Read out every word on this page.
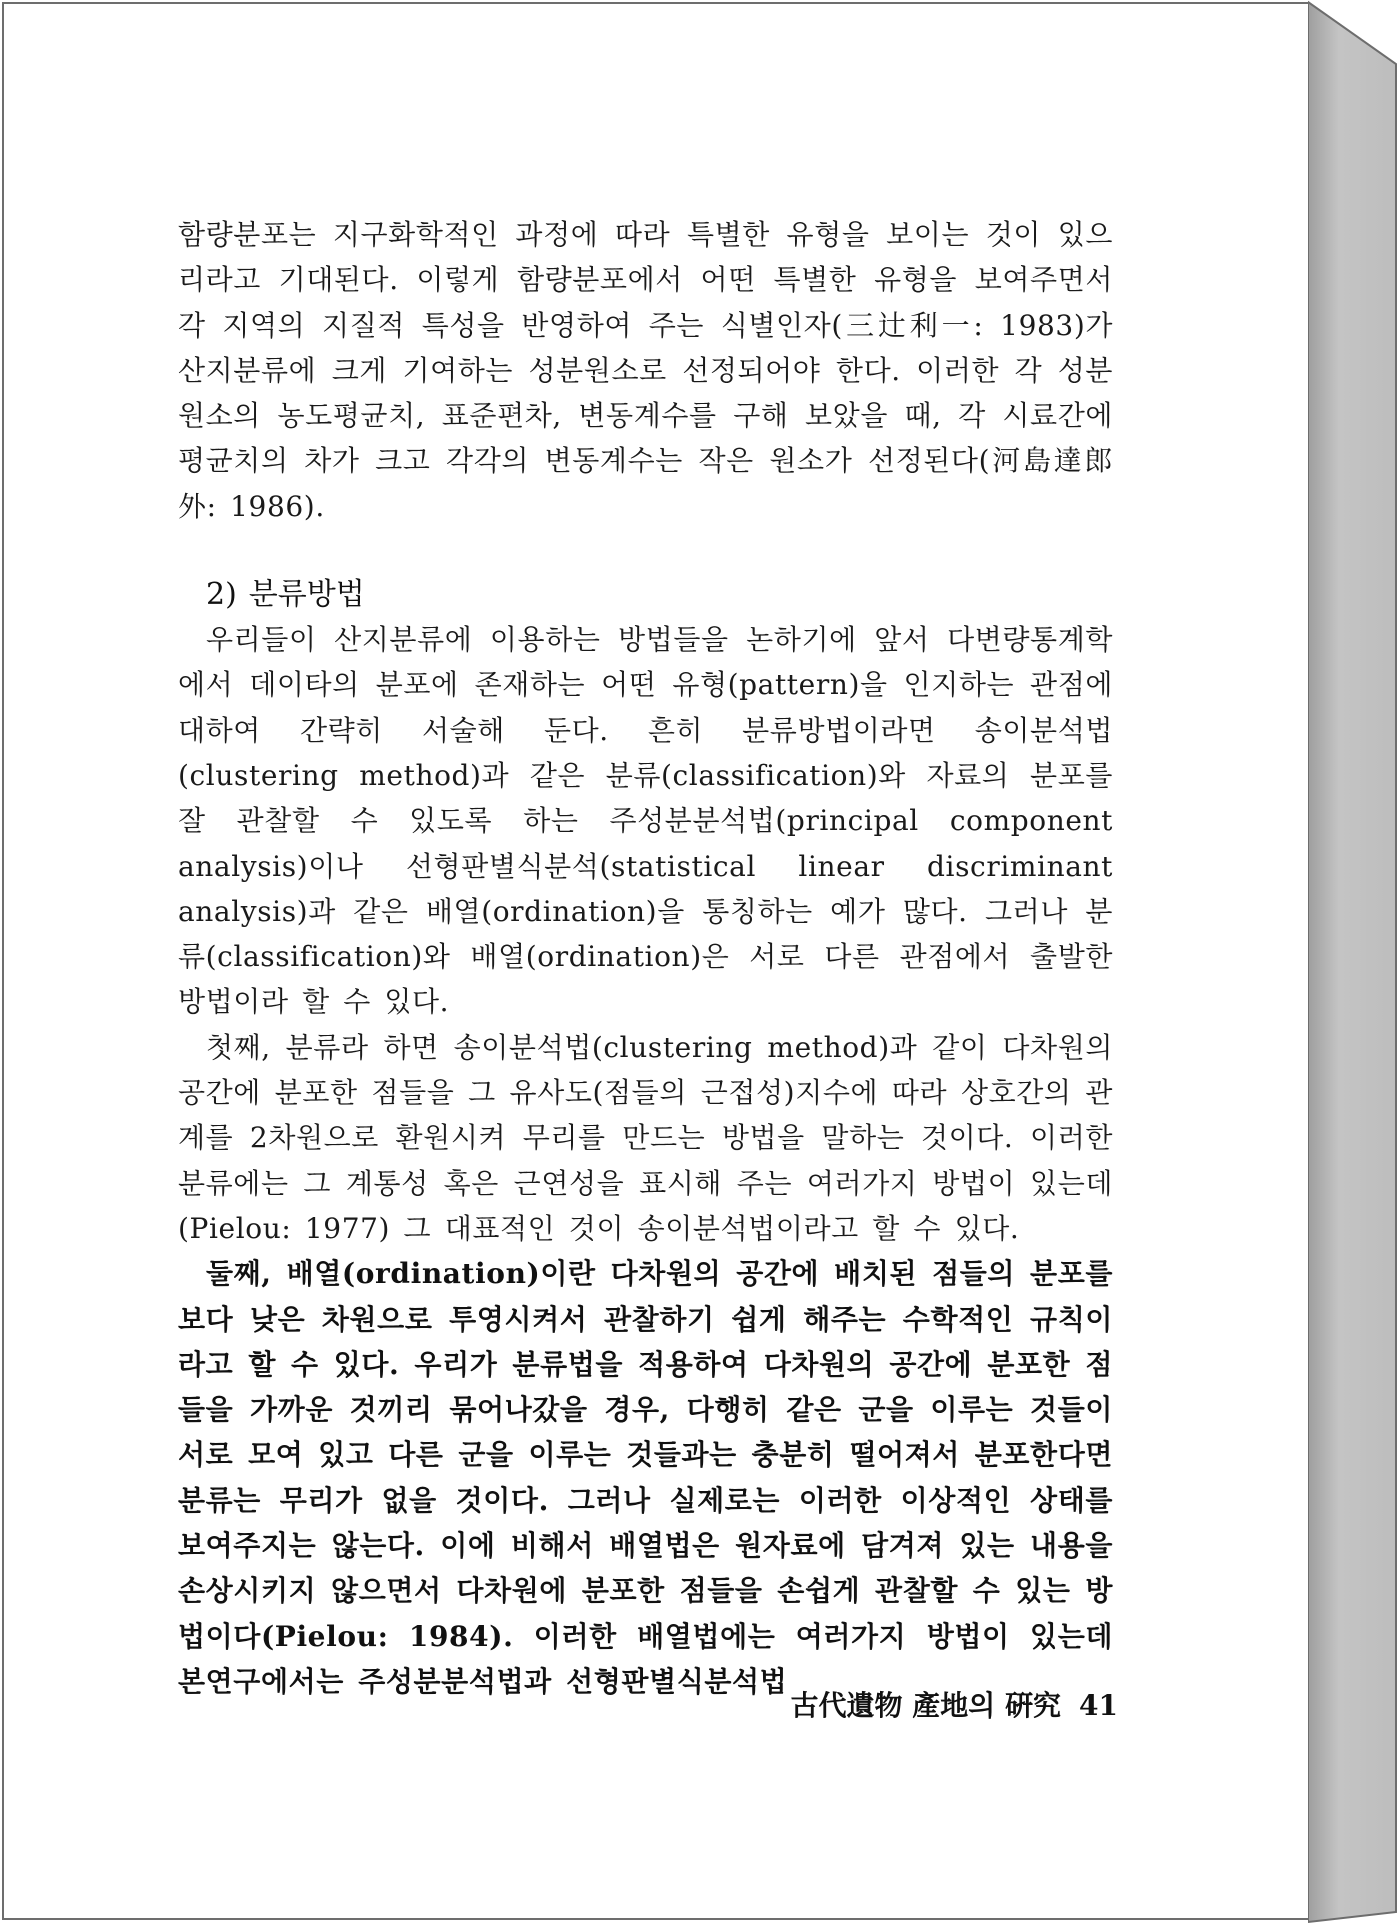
함량분포는 지구화학적인 과정에 따라 특별한 유형을 보이는 것이 있으리라고 기대된다. 이렇게 함량분포에서 어떤 특별한 유형을 보여주면서 각 지역의 지질적 특성을 반영하여 주는 식별인자(三辻利一: 1983)가 산지분류에 크게 기여하는 성분원소로 선정되어야 한다. 이러한 각 성분원소의 농도평균치, 표준편차, 변동계수를 구해 보았을 때, 각 시료간에 평균치의 차가 크고 각각의 변동계수는 작은 원소가 선정된다(河島達郎 外: 1986).

2) 분류방법

우리들이 산지분류에 이용하는 방법들을 논하기에 앞서 다변량통계학에서 데이타의 분포에 존재하는 어떤 유형(pattern)을 인지하는 관점에 대하여 간략히 서술해 둔다. 흔히 분류방법이라면 송이분석법(clustering method)과 같은 분류(classification)와 자료의 분포를 잘 관찰할 수 있도록 하는 주성분분석법(principal component analysis)이나 선형판별식분석(statistical linear discriminant analysis)과 같은 배열(ordination)을 통칭하는 예가 많다. 그러나 분류(classification)와 배열(ordination)은 서로 다른 관점에서 출발한 방법이라 할 수 있다.

첫째, 분류라 하면 송이분석법(clustering method)과 같이 다차원의 공간에 분포한 점들을 그 유사도(점들의 근접성)지수에 따라 상호간의 관계를 2차원으로 환원시켜 무리를 만드는 방법을 말하는 것이다. 이러한 분류에는 그 계통성 혹은 근연성을 표시해 주는 여러가지 방법이 있는데(Pielou: 1977) 그 대표적인 것이 송이분석법이라고 할 수 있다.

둘째, 배열(ordination)이란 다차원의 공간에 배치된 점들의 분포를 보다 낮은 차원으로 투영시켜서 관찰하기 쉽게 해주는 수학적인 규칙이라고 할 수 있다. 우리가 분류법을 적용하여 다차원의 공간에 분포한 점들을 가까운 것끼리 묶어나갔을 경우, 다행히 같은 군을 이루는 것들이 서로 모여 있고 다른 군을 이루는 것들과는 충분히 떨어져서 분포한다면 분류는 무리가 없을 것이다. 그러나 실제로는 이러한 이상적인 상태를 보여주지는 않는다. 이에 비해서 배열법은 원자료에 담겨져 있는 내용을 손상시키지 않으면서 다차원에 분포한 점들을 손쉽게 관찰할 수 있는 방법이다(Pielou: 1984). 이러한 배열법에는 여러가지 방법이 있는데 본연구에서는 주성분분석법과 선형판별식분석법

古代遺物 產地의 硏究 41
